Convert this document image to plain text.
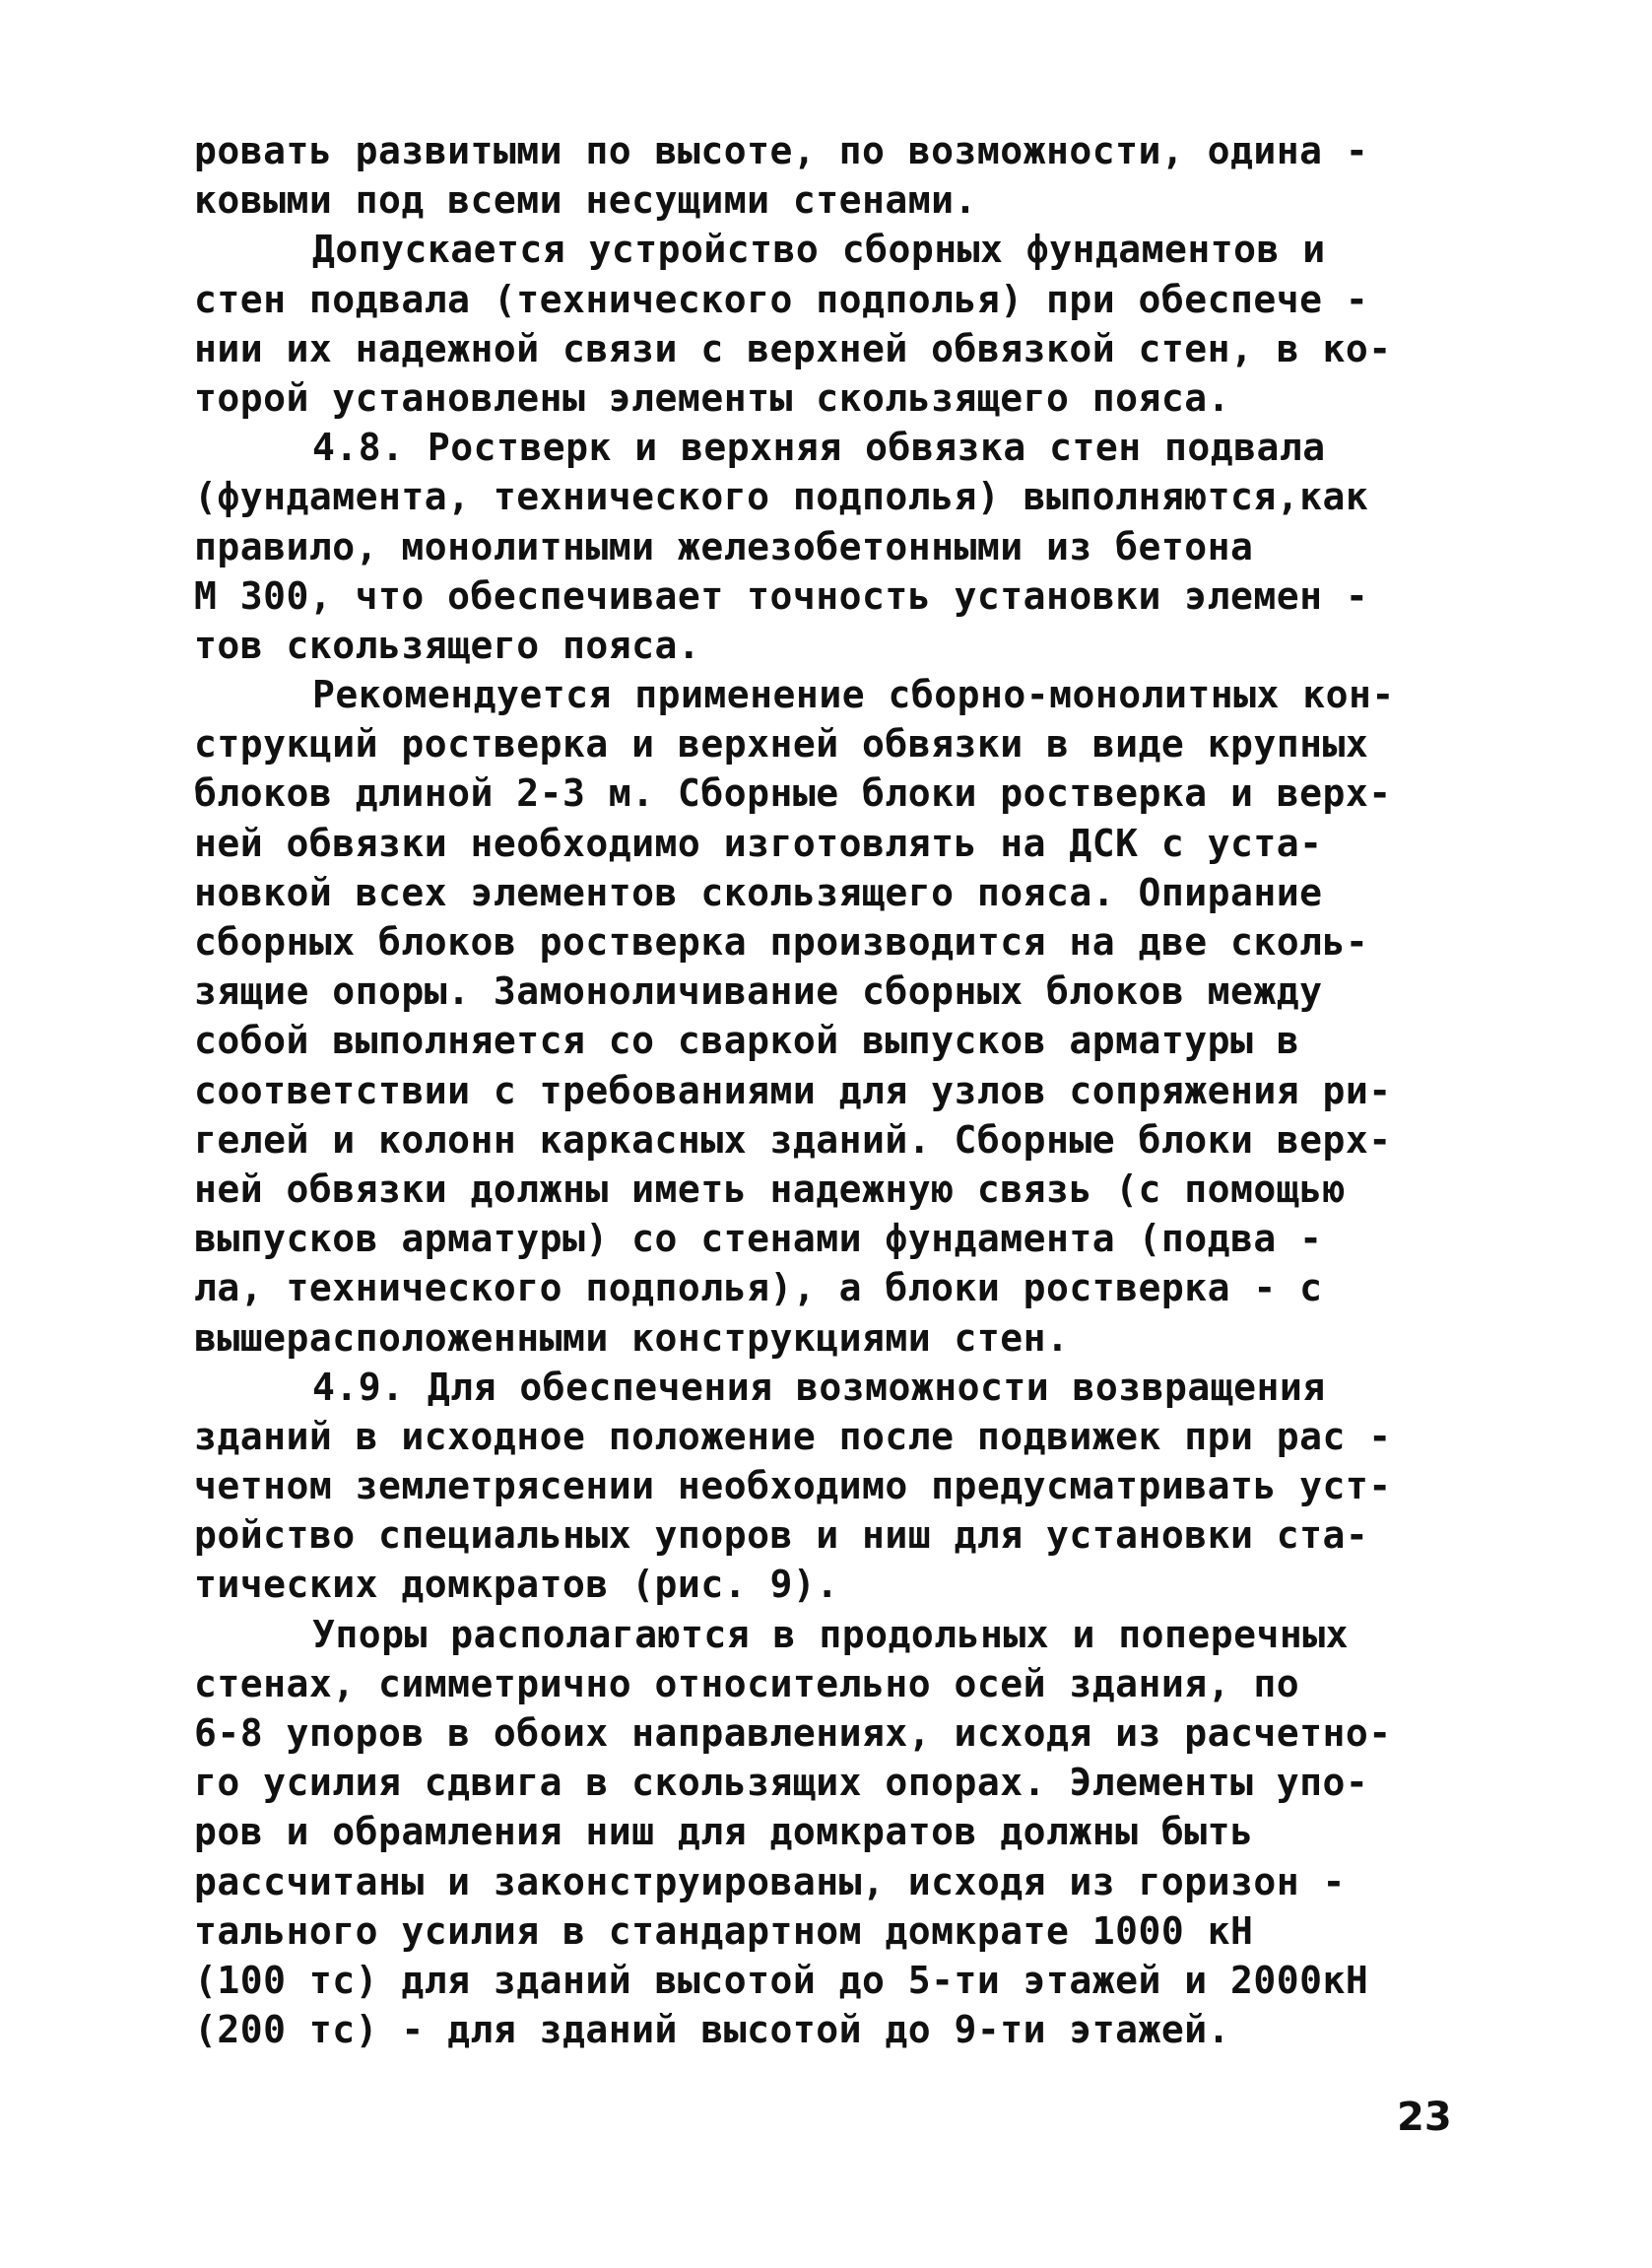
ровать развитыми по высоте, по возможности, одина -
ковыми под всеми несущими стенами.
Допускается устройство сборных фундаментов и
стен подвала (технического подполья) при обеспече -
нии их надежной связи с верхней обвязкой стен, в ко-
торой установлены элементы скользящего пояса.
4.8. Ростверк и верхняя обвязка стен подвала
(фундамента, технического подполья) выполняются,как
правило, монолитными железобетонными из бетона
М 300, что обеспечивает точность установки элемен -
тов скользящего пояса.
Рекомендуется применение сборно-монолитных кон-
струкций ростверка и верхней обвязки в виде крупных
блоков длиной 2-3 м. Сборные блоки ростверка и верх-
ней обвязки необходимо изготовлять на ДСК с уста-
новкой всех элементов скользящего пояса. Опирание
сборных блоков ростверка производится на две сколь-
зящие опоры. Замоноличивание сборных блоков между
собой выполняется со сваркой выпусков арматуры в
соответствии с требованиями для узлов сопряжения ри-
гелей и колонн каркасных зданий. Сборные блоки верх-
ней обвязки должны иметь надежную связь (с помощью
выпусков арматуры) со стенами фундамента (подва -
ла, технического подполья), а блоки ростверка - с
вышерасположенными конструкциями стен.
4.9. Для обеспечения возможности возвращения
зданий в исходное положение после подвижек при рас -
четном землетрясении необходимо предусматривать уст-
ройство специальных упоров и ниш для установки ста-
тических домкратов (рис. 9).
Упоры располагаются в продольных и поперечных
стенах, симметрично относительно осей здания, по
6-8 упоров в обоих направлениях, исходя из расчетно-
го усилия сдвига в скользящих опорах. Элементы упо-
ров и обрамления ниш для домкратов должны быть
рассчитаны и законструированы, исходя из горизон -
тального усилия в стандартном домкрате 1000 кН
(100 тс) для зданий высотой до 5-ти этажей и 2000кН
(200 тс) - для зданий высотой до 9-ти этажей.
23
